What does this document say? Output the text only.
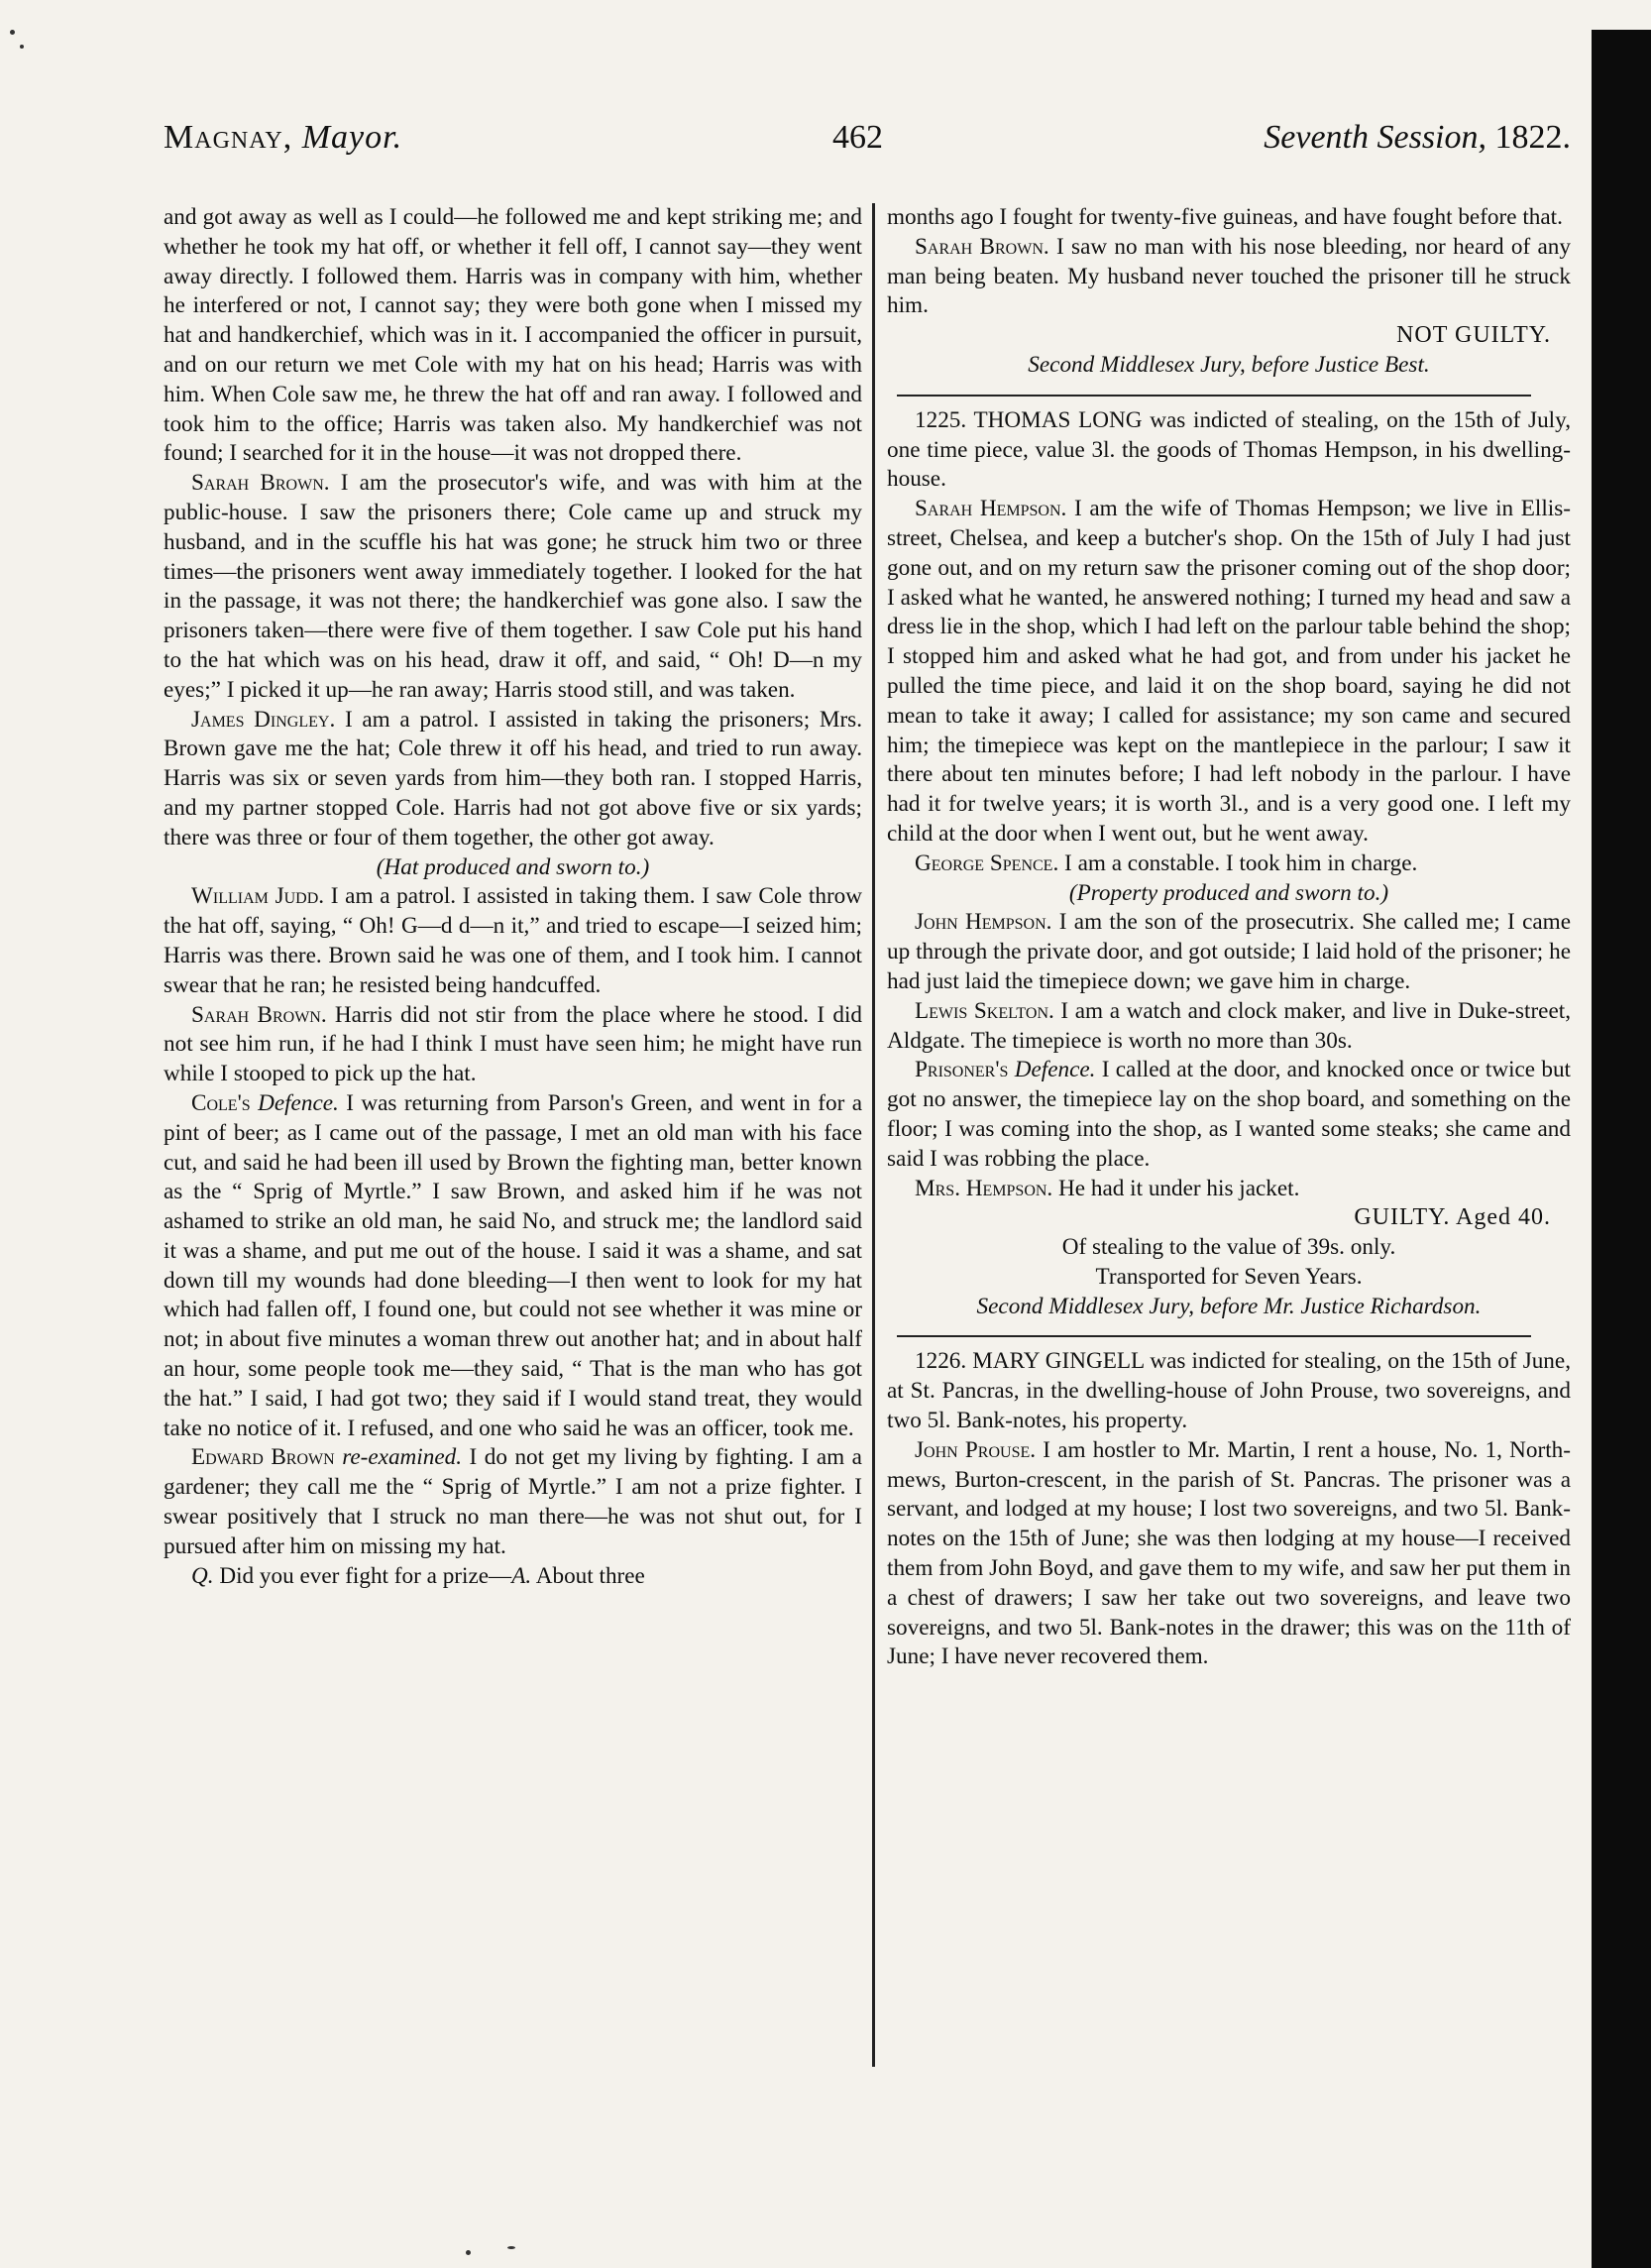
Magnay, Mayor.	462	Seventh Session, 1822.

and got away as well as I could—he followed me and kept striking me; and whether he took my hat off, or whether it fell off, I cannot say—they went away directly. I followed them. Harris was in company with him, whether he interfered or not, I cannot say; they were both gone when I missed my hat and handkerchief, which was in it. I accompanied the officer in pursuit, and on our return we met Cole with my hat on his head; Harris was with him. When Cole saw me, he threw the hat off and ran away. I followed and took him to the office; Harris was taken also. My handkerchief was not found; I searched for it in the house—it was not dropped there.

Sarah Brown. I am the prosecutor's wife, and was with him at the public-house. I saw the prisoners there; Cole came up and struck my husband, and in the scuffle his hat was gone; he struck him two or three times—the prisoners went away immediately together. I looked for the hat in the passage, it was not there; the handkerchief was gone also. I saw the prisoners taken—there were five of them together. I saw Cole put his hand to the hat which was on his head, draw it off, and said, “ Oh! D—n my eyes;” I picked it up—he ran away; Harris stood still, and was taken.

James Dingley. I am a patrol. I assisted in taking the prisoners; Mrs. Brown gave me the hat; Cole threw it off his head, and tried to run away. Harris was six or seven yards from him—they both ran. I stopped Harris, and my partner stopped Cole. Harris had not got above five or six yards; there was three or four of them together, the other got away.

(Hat produced and sworn to.)

William Judd. I am a patrol. I assisted in taking them. I saw Cole throw the hat off, saying, “ Oh! G—d d—n it,” and tried to escape—I seized him; Harris was there. Brown said he was one of them, and I took him. I cannot swear that he ran; he resisted being handcuffed.

Sarah Brown. Harris did not stir from the place where he stood. I did not see him run, if he had I think I must have seen him; he might have run while I stooped to pick up the hat.

Cole's Defence. I was returning from Parson's Green, and went in for a pint of beer; as I came out of the passage, I met an old man with his face cut, and said he had been ill used by Brown the fighting man, better known as the “ Sprig of Myrtle.” I saw Brown, and asked him if he was not ashamed to strike an old man, he said No, and struck me; the landlord said it was a shame, and put me out of the house. I said it was a shame, and sat down till my wounds had done bleeding—I then went to look for my hat which had fallen off, I found one, but could not see whether it was mine or not; in about five minutes a woman threw out another hat; and in about half an hour, some people took me—they said, “ That is the man who has got the hat.” I said, I had got two; they said if I would stand treat, they would take no notice of it. I refused, and one who said he was an officer, took me.

Edward Brown re-examined. I do not get my living by fighting. I am a gardener; they call me the “ Sprig of Myrtle.” I am not a prize fighter. I swear positively that I struck no man there—he was not shut out, for I pursued after him on missing my hat.

Q. Did you ever fight for a prize—A. About three

months ago I fought for twenty-five guineas, and have fought before that.

Sarah Brown. I saw no man with his nose bleeding, nor heard of any man being beaten. My husband never touched the prisoner till he struck him.

NOT GUILTY.

Second Middlesex Jury, before Justice Best.

1225. THOMAS LONG was indicted of stealing, on the 15th of July, one time piece, value 3l. the goods of Thomas Hempson, in his dwelling-house.

Sarah Hempson. I am the wife of Thomas Hempson; we live in Ellis-street, Chelsea, and keep a butcher's shop. On the 15th of July I had just gone out, and on my return saw the prisoner coming out of the shop door; I asked what he wanted, he answered nothing; I turned my head and saw a dress lie in the shop, which I had left on the parlour table behind the shop; I stopped him and asked what he had got, and from under his jacket he pulled the time piece, and laid it on the shop board, saying he did not mean to take it away; I called for assistance; my son came and secured him; the timepiece was kept on the mantlepiece in the parlour; I saw it there about ten minutes before; I had left nobody in the parlour. I have had it for twelve years; it is worth 3l., and is a very good one. I left my child at the door when I went out, but he went away.

George Spence. I am a constable. I took him in charge.

(Property produced and sworn to.)

John Hempson. I am the son of the prosecutrix. She called me; I came up through the private door, and got outside; I laid hold of the prisoner; he had just laid the timepiece down; we gave him in charge.

Lewis Skelton. I am a watch and clock maker, and live in Duke-street, Aldgate. The timepiece is worth no more than 30s.

Prisoner's Defence. I called at the door, and knocked once or twice but got no answer, the timepiece lay on the shop board, and something on the floor; I was coming into the shop, as I wanted some steaks; she came and said I was robbing the place.

Mrs. Hempson. He had it under his jacket.

GUILTY. Aged 40.

Of stealing to the value of 39s. only.

Transported for Seven Years.

Second Middlesex Jury, before Mr. Justice Richardson.

1226. MARY GINGELL was indicted for stealing, on the 15th of June, at St. Pancras, in the dwelling-house of John Prouse, two sovereigns, and two 5l. Bank-notes, his property.

John Prouse. I am hostler to Mr. Martin, I rent a house, No. 1, North-mews, Burton-crescent, in the parish of St. Pancras. The prisoner was a servant, and lodged at my house; I lost two sovereigns, and two 5l. Bank-notes on the 15th of June; she was then lodging at my house—I received them from John Boyd, and gave them to my wife, and saw her put them in a chest of drawers; I saw her take out two sovereigns, and leave two sovereigns, and two 5l. Bank-notes in the drawer; this was on the 11th of June; I have never recovered them.
